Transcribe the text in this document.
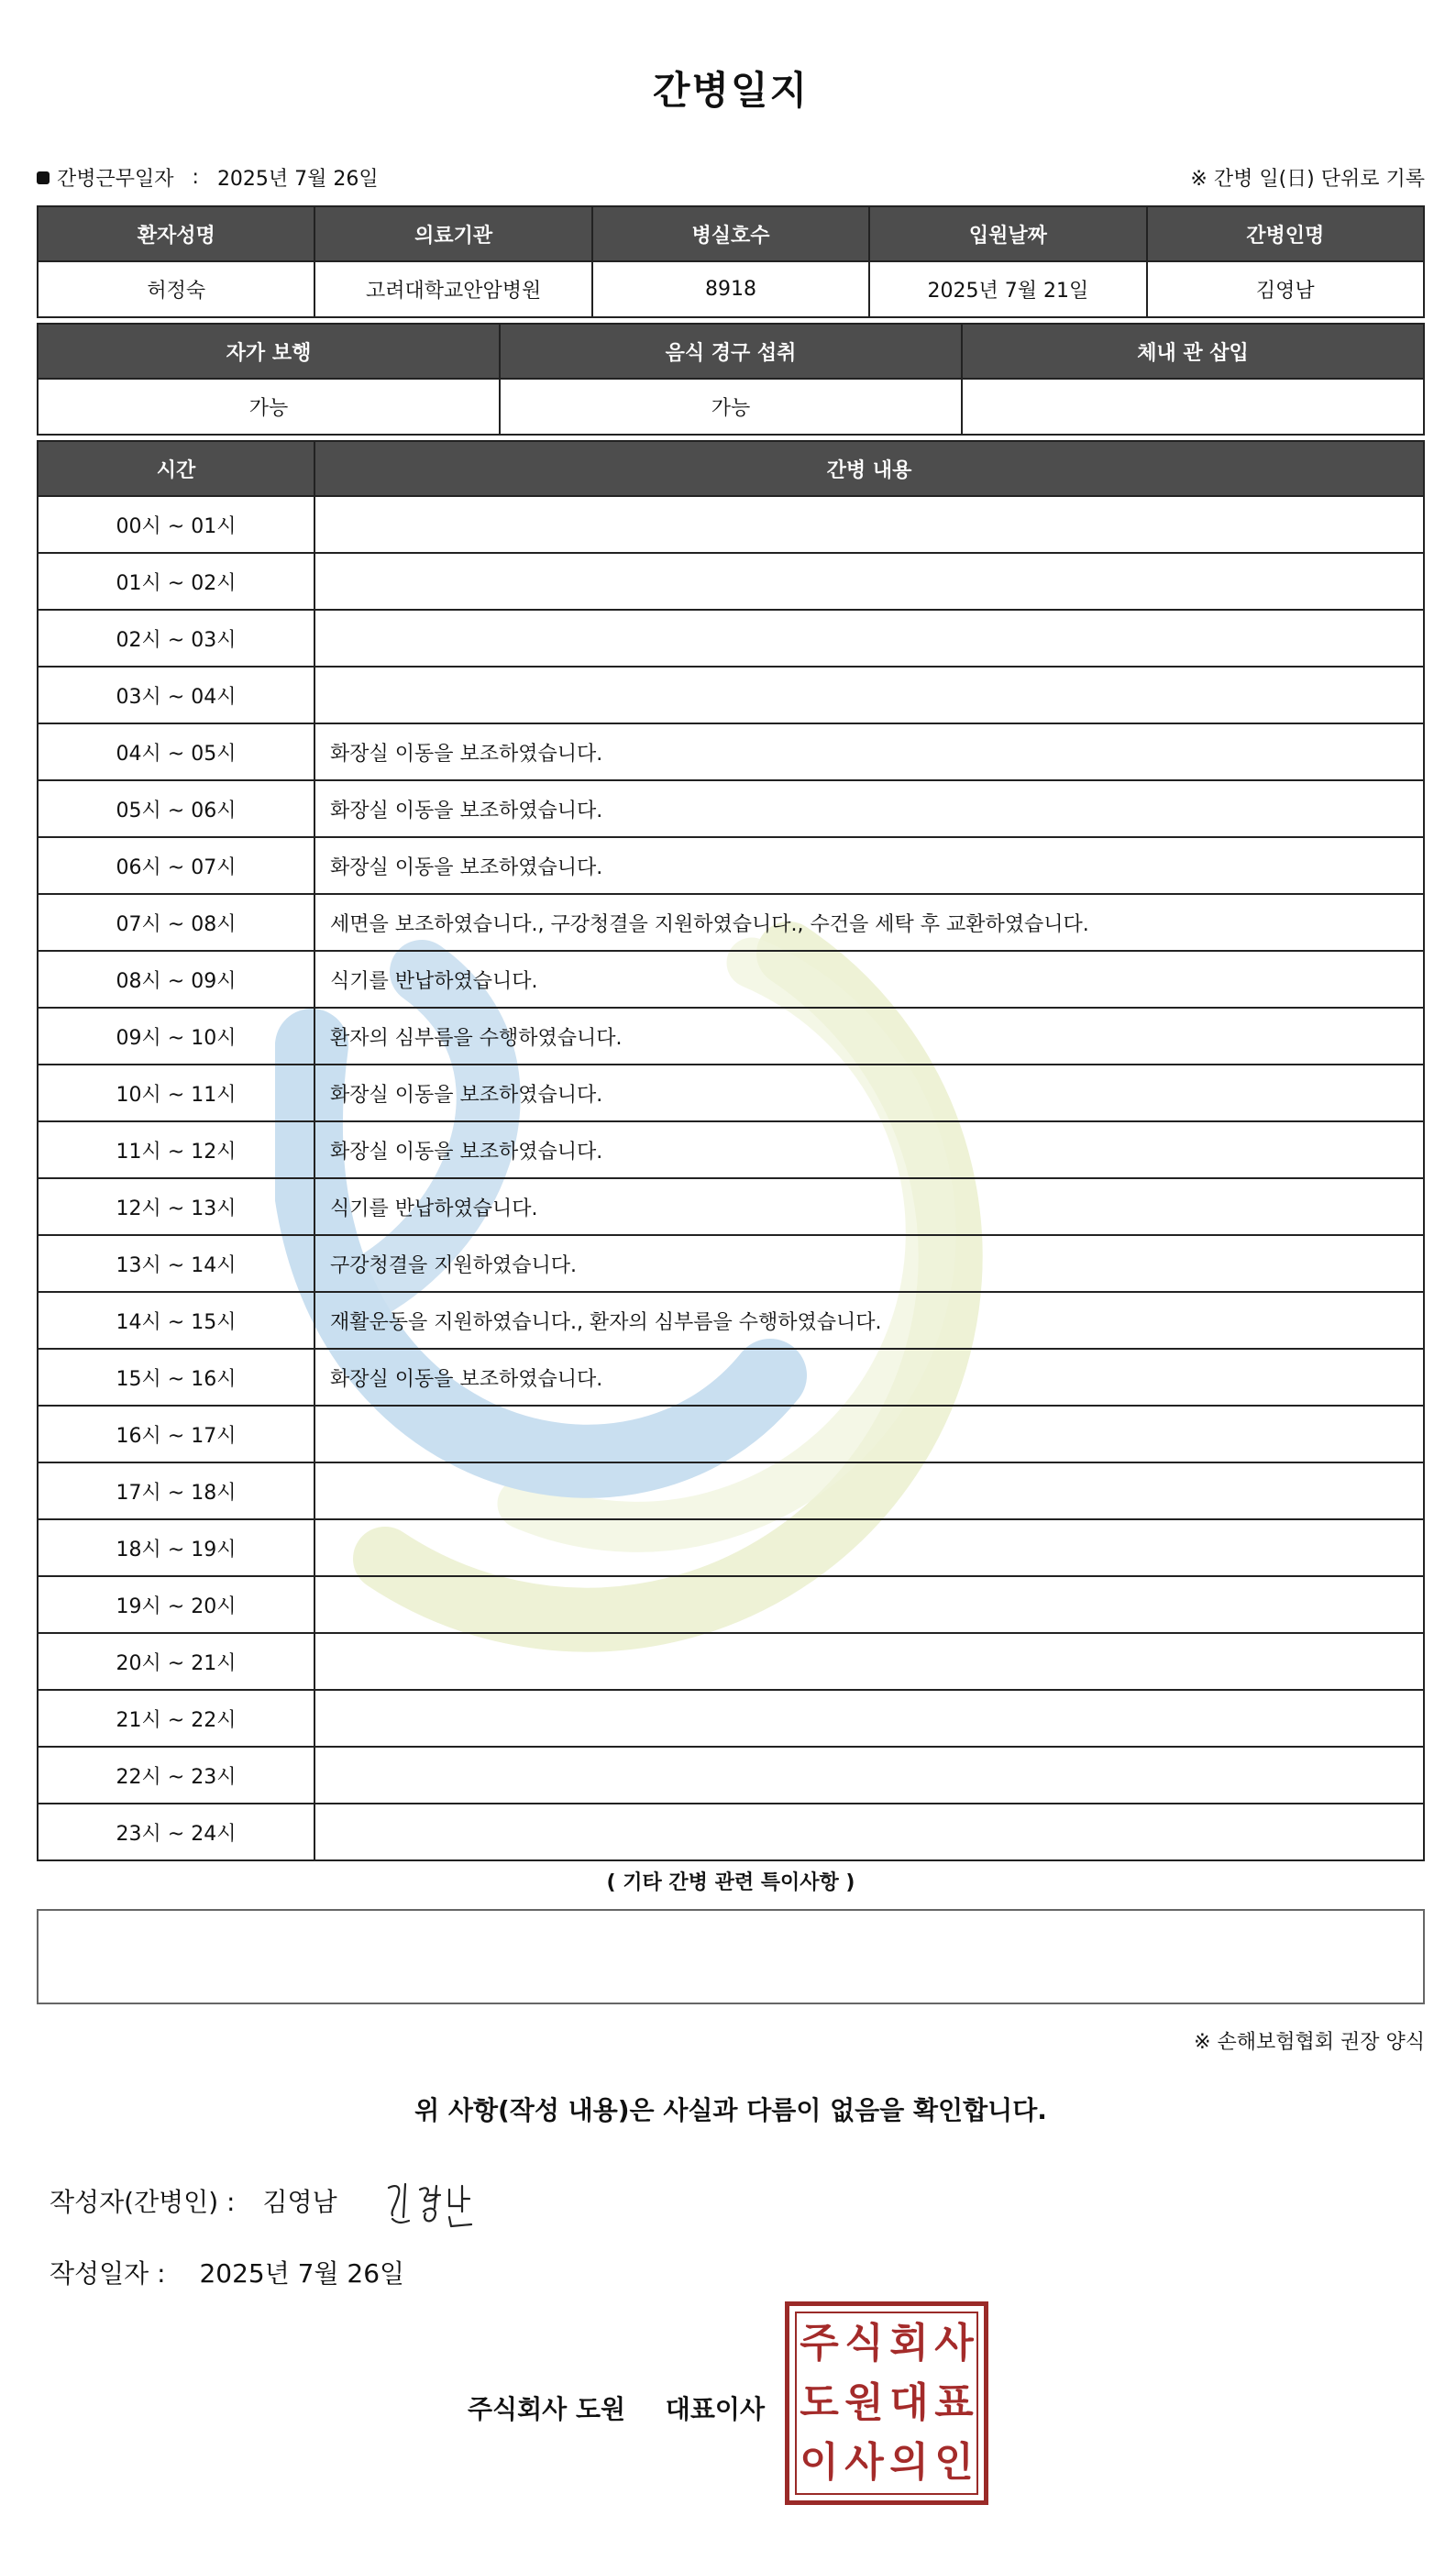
간병일지
간병근무일자 : 2025년 7월 26일	※ 간병 일(日) 단위로 기록
환자성명	의료기관	병실호수	입원날짜	간병인명
허정숙	고려대학교안암병원	8918	2025년 7월 21일	김영남
자가 보행	음식 경구 섭취	체내 관 삽입
가능	가능	
시간	간병 내용
00시 ~ 01시	
01시 ~ 02시	
02시 ~ 03시	
03시 ~ 04시	
04시 ~ 05시	화장실 이동을 보조하였습니다.
05시 ~ 06시	화장실 이동을 보조하였습니다.
06시 ~ 07시	화장실 이동을 보조하였습니다.
07시 ~ 08시	세면을 보조하였습니다., 구강청결을 지원하였습니다., 수건을 세탁 후 교환하였습니다.
08시 ~ 09시	식기를 반납하였습니다.
09시 ~ 10시	환자의 심부름을 수행하였습니다.
10시 ~ 11시	화장실 이동을 보조하였습니다.
11시 ~ 12시	화장실 이동을 보조하였습니다.
12시 ~ 13시	식기를 반납하였습니다.
13시 ~ 14시	구강청결을 지원하였습니다.
14시 ~ 15시	재활운동을 지원하였습니다., 환자의 심부름을 수행하였습니다.
15시 ~ 16시	화장실 이동을 보조하였습니다.
16시 ~ 17시	
17시 ~ 18시	
18시 ~ 19시	
19시 ~ 20시	
20시 ~ 21시	
21시 ~ 22시	
22시 ~ 23시	
23시 ~ 24시	
( 기타 간병 관련 특이사항 )
※ 손해보험협회 권장 양식
위 사항(작성 내용)은 사실과 다름이 없음을 확인합니다.
작성자(간병인) : 김영남
작성일자 : 2025년 7월 26일
주식회사 도원 대표이사
주 식 회 사
도 원 대 표
이 사 의 인
